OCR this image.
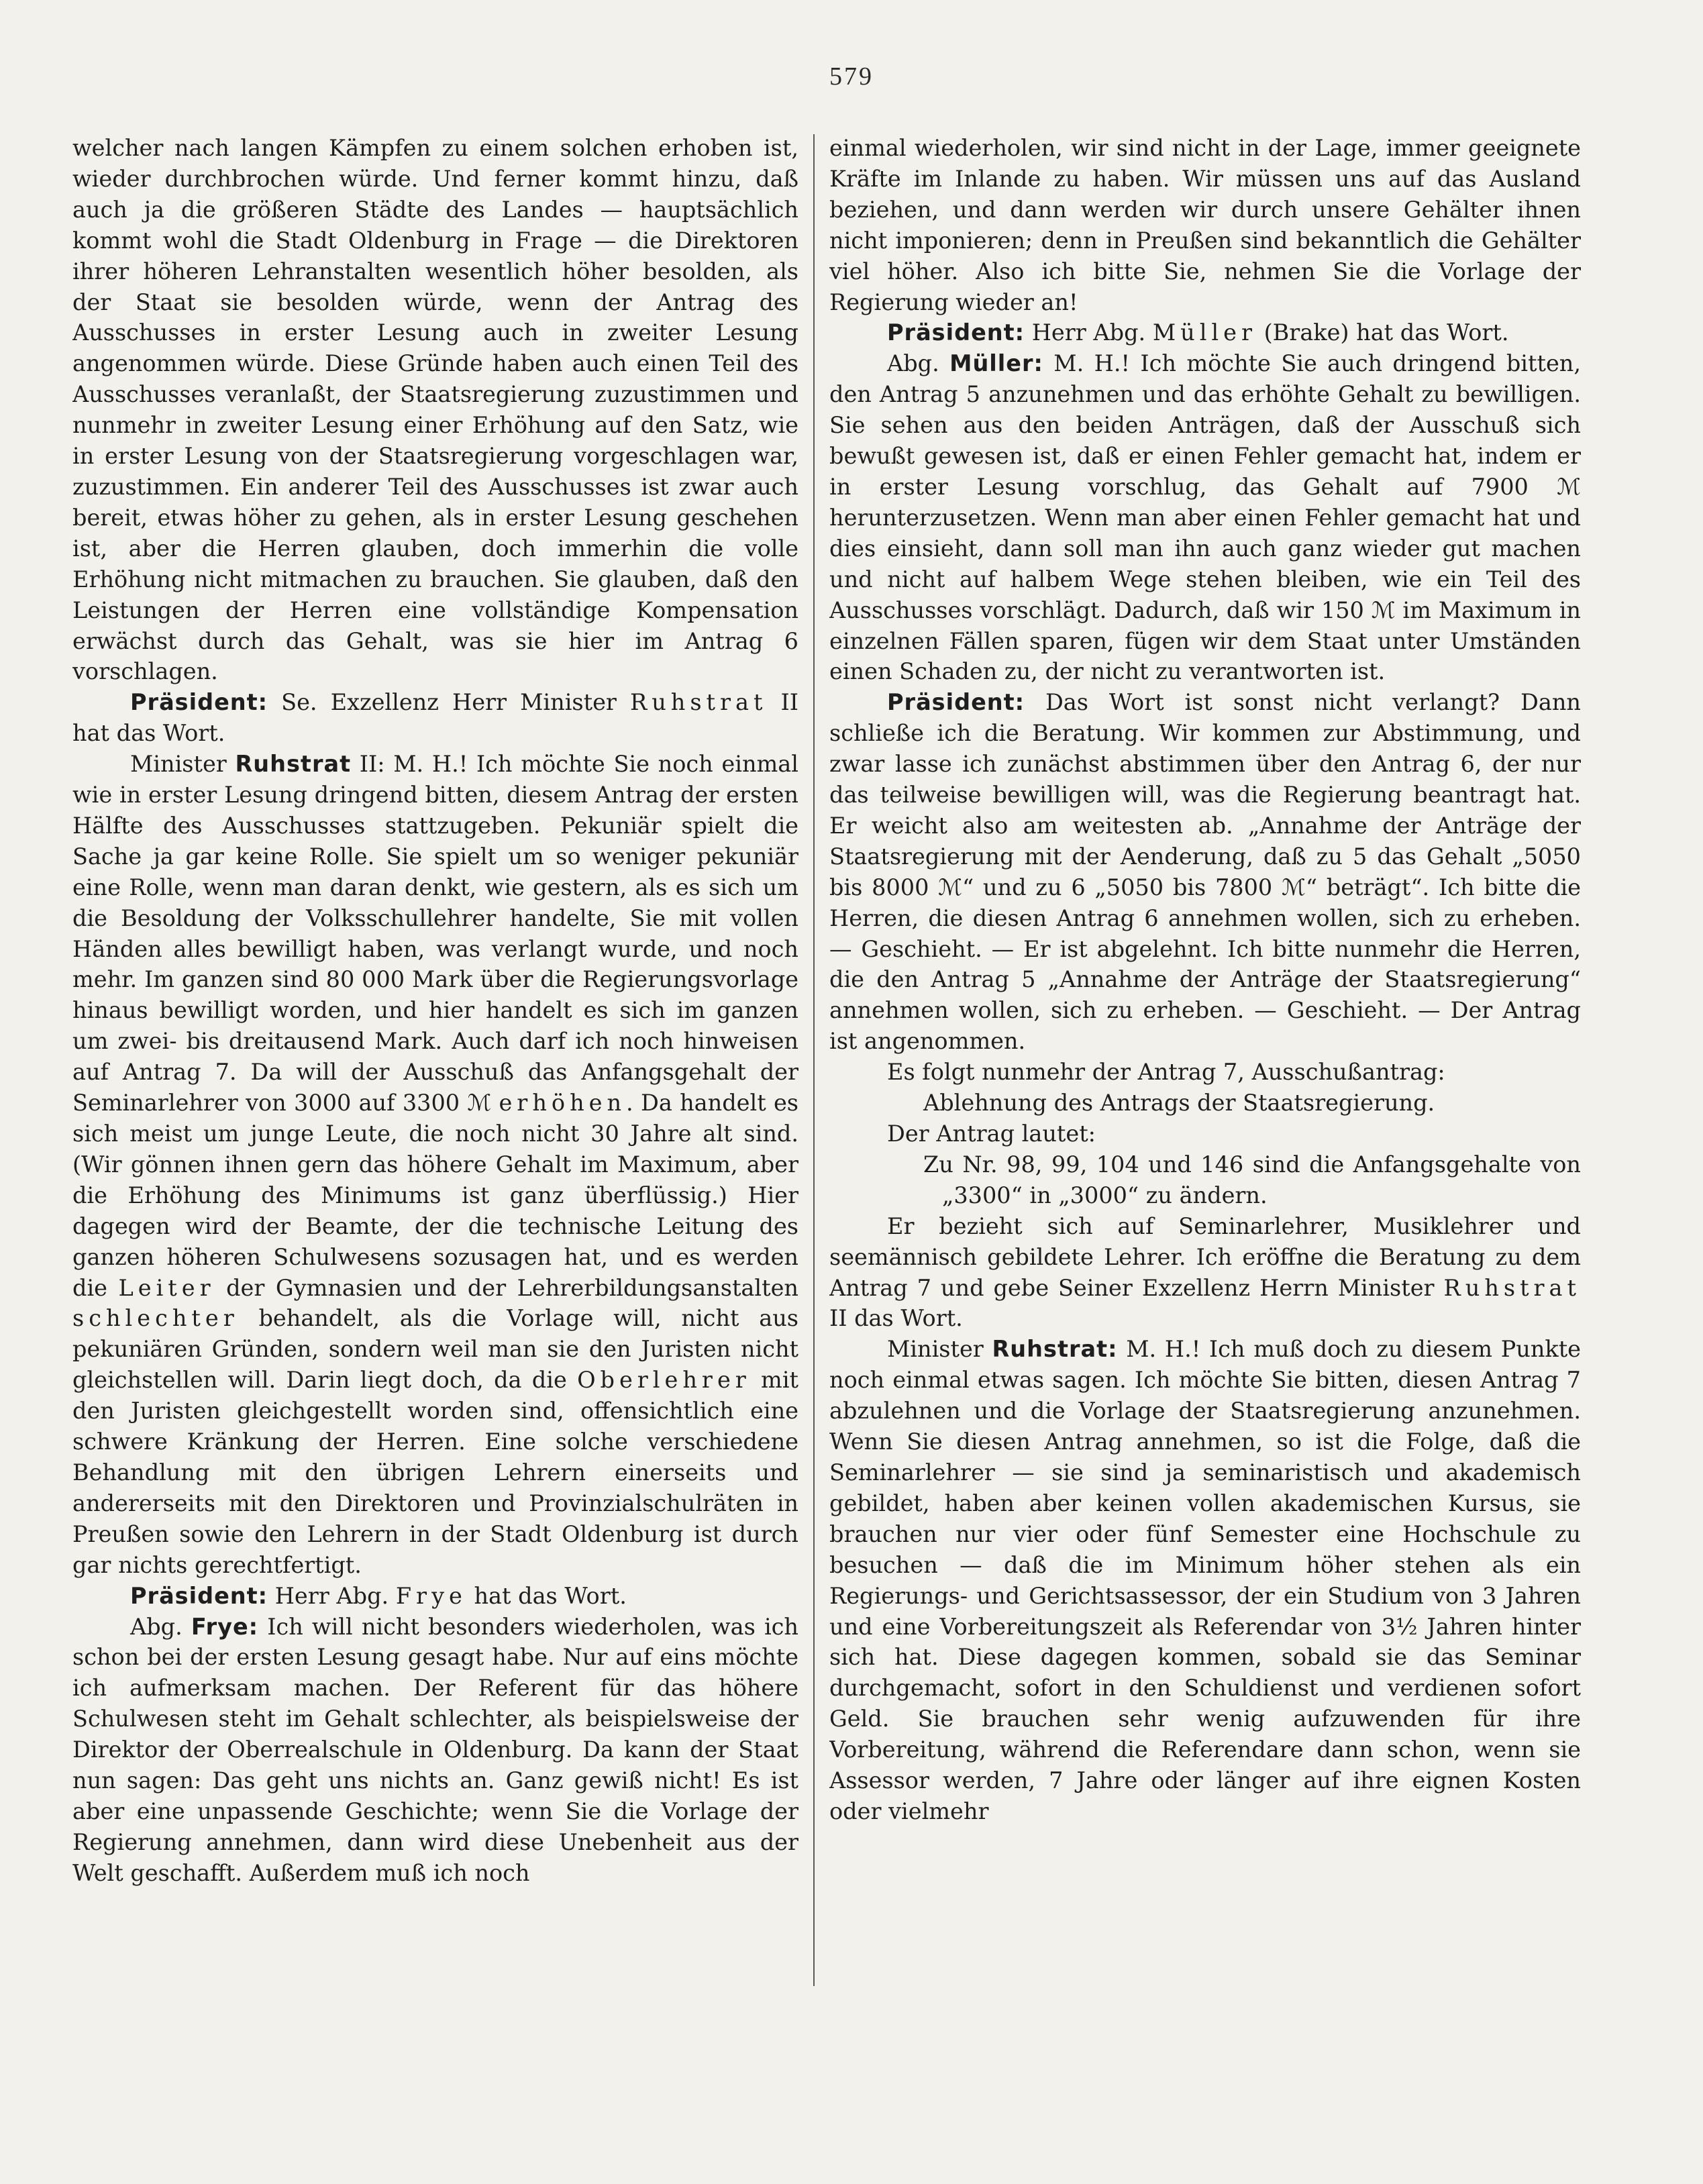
579

welcher nach langen Kämpfen zu einem solchen erhoben ist, wieder durchbrochen würde. Und ferner kommt hinzu, daß auch ja die größeren Städte des Landes — hauptsächlich kommt wohl die Stadt Oldenburg in Frage — die Direktoren ihrer höheren Lehranstalten wesentlich höher besolden, als der Staat sie besolden würde, wenn der Antrag des Ausschusses in erster Lesung auch in zweiter Lesung angenommen würde. Diese Gründe haben auch einen Teil des Ausschusses veranlaßt, der Staatsregierung zuzustimmen und nunmehr in zweiter Lesung einer Erhöhung auf den Satz, wie in erster Lesung von der Staatsregierung vorgeschlagen war, zuzustimmen. Ein anderer Teil des Ausschusses ist zwar auch bereit, etwas höher zu gehen, als in erster Lesung geschehen ist, aber die Herren glauben, doch immerhin die volle Erhöhung nicht mitmachen zu brauchen. Sie glauben, daß den Leistungen der Herren eine vollständige Kompensation erwächst durch das Gehalt, was sie hier im Antrag 6 vorschlagen.

Präsident: Se. Exzellenz Herr Minister Ruhstrat II hat das Wort.

Minister Ruhstrat II: M. H.! Ich möchte Sie noch einmal wie in erster Lesung dringend bitten, diesem Antrag der ersten Hälfte des Ausschusses stattzugeben. Pekuniär spielt die Sache ja gar keine Rolle. Sie spielt um so weniger pekuniär eine Rolle, wenn man daran denkt, wie gestern, als es sich um die Besoldung der Volksschullehrer handelte, Sie mit vollen Händen alles bewilligt haben, was verlangt wurde, und noch mehr. Im ganzen sind 80 000 Mark über die Regierungsvorlage hinaus bewilligt worden, und hier handelt es sich im ganzen um zwei- bis dreitausend Mark. Auch darf ich noch hinweisen auf Antrag 7. Da will der Ausschuß das Anfangsgehalt der Seminarlehrer von 3000 auf 3300 ℳ erhöhen. Da handelt es sich meist um junge Leute, die noch nicht 30 Jahre alt sind. (Wir gönnen ihnen gern das höhere Gehalt im Maximum, aber die Erhöhung des Minimums ist ganz überflüssig.) Hier dagegen wird der Beamte, der die technische Leitung des ganzen höheren Schulwesens sozusagen hat, und es werden die Leiter der Gymnasien und der Lehrerbildungsanstalten schlechter behandelt, als die Vorlage will, nicht aus pekuniären Gründen, sondern weil man sie den Juristen nicht gleichstellen will. Darin liegt doch, da die Oberlehrer mit den Juristen gleichgestellt worden sind, offensichtlich eine schwere Kränkung der Herren. Eine solche verschiedene Behandlung mit den übrigen Lehrern einerseits und andererseits mit den Direktoren und Provinzialschulräten in Preußen sowie den Lehrern in der Stadt Oldenburg ist durch gar nichts gerechtfertigt.

Präsident: Herr Abg. Frye hat das Wort.

Abg. Frye: Ich will nicht besonders wiederholen, was ich schon bei der ersten Lesung gesagt habe. Nur auf eins möchte ich aufmerksam machen. Der Referent für das höhere Schulwesen steht im Gehalt schlechter, als beispielsweise der Direktor der Oberrealschule in Oldenburg. Da kann der Staat nun sagen: Das geht uns nichts an. Ganz gewiß nicht! Es ist aber eine unpassende Geschichte; wenn Sie die Vorlage der Regierung annehmen, dann wird diese Unebenheit aus der Welt geschafft. Außerdem muß ich noch

einmal wiederholen, wir sind nicht in der Lage, immer geeignete Kräfte im Inlande zu haben. Wir müssen uns auf das Ausland beziehen, und dann werden wir durch unsere Gehälter ihnen nicht imponieren; denn in Preußen sind bekanntlich die Gehälter viel höher. Also ich bitte Sie, nehmen Sie die Vorlage der Regierung wieder an!

Präsident: Herr Abg. Müller (Brake) hat das Wort.

Abg. Müller: M. H.! Ich möchte Sie auch dringend bitten, den Antrag 5 anzunehmen und das erhöhte Gehalt zu bewilligen. Sie sehen aus den beiden Anträgen, daß der Ausschuß sich bewußt gewesen ist, daß er einen Fehler gemacht hat, indem er in erster Lesung vorschlug, das Gehalt auf 7900 ℳ herunterzusetzen. Wenn man aber einen Fehler gemacht hat und dies einsieht, dann soll man ihn auch ganz wieder gut machen und nicht auf halbem Wege stehen bleiben, wie ein Teil des Ausschusses vorschlägt. Dadurch, daß wir 150 ℳ im Maximum in einzelnen Fällen sparen, fügen wir dem Staat unter Umständen einen Schaden zu, der nicht zu verantworten ist.

Präsident: Das Wort ist sonst nicht verlangt? Dann schließe ich die Beratung. Wir kommen zur Abstimmung, und zwar lasse ich zunächst abstimmen über den Antrag 6, der nur das teilweise bewilligen will, was die Regierung beantragt hat. Er weicht also am weitesten ab. „Annahme der Anträge der Staatsregierung mit der Aenderung, daß zu 5 das Gehalt „5050 bis 8000 ℳ“ und zu 6 „5050 bis 7800 ℳ“ beträgt“. Ich bitte die Herren, die diesen Antrag 6 annehmen wollen, sich zu erheben. — Geschieht. — Er ist abgelehnt. Ich bitte nunmehr die Herren, die den Antrag 5 „Annahme der Anträge der Staatsregierung“ annehmen wollen, sich zu erheben. — Geschieht. — Der Antrag ist angenommen.

Es folgt nunmehr der Antrag 7, Ausschußantrag:

Ablehnung des Antrags der Staatsregierung.

Der Antrag lautet:

Zu Nr. 98, 99, 104 und 146 sind die Anfangsgehalte von „3300“ in „3000“ zu ändern.

Er bezieht sich auf Seminarlehrer, Musiklehrer und seemännisch gebildete Lehrer. Ich eröffne die Beratung zu dem Antrag 7 und gebe Seiner Exzellenz Herrn Minister Ruhstrat II das Wort.

Minister Ruhstrat: M. H.! Ich muß doch zu diesem Punkte noch einmal etwas sagen. Ich möchte Sie bitten, diesen Antrag 7 abzulehnen und die Vorlage der Staatsregierung anzunehmen. Wenn Sie diesen Antrag annehmen, so ist die Folge, daß die Seminarlehrer — sie sind ja seminaristisch und akademisch gebildet, haben aber keinen vollen akademischen Kursus, sie brauchen nur vier oder fünf Semester eine Hochschule zu besuchen — daß die im Minimum höher stehen als ein Regierungs- und Gerichtsassessor, der ein Studium von 3 Jahren und eine Vorbereitungszeit als Referendar von 3½ Jahren hinter sich hat. Diese dagegen kommen, sobald sie das Seminar durchgemacht, sofort in den Schuldienst und verdienen sofort Geld. Sie brauchen sehr wenig aufzuwenden für ihre Vorbereitung, während die Referendare dann schon, wenn sie Assessor werden, 7 Jahre oder länger auf ihre eignen Kosten oder vielmehr
